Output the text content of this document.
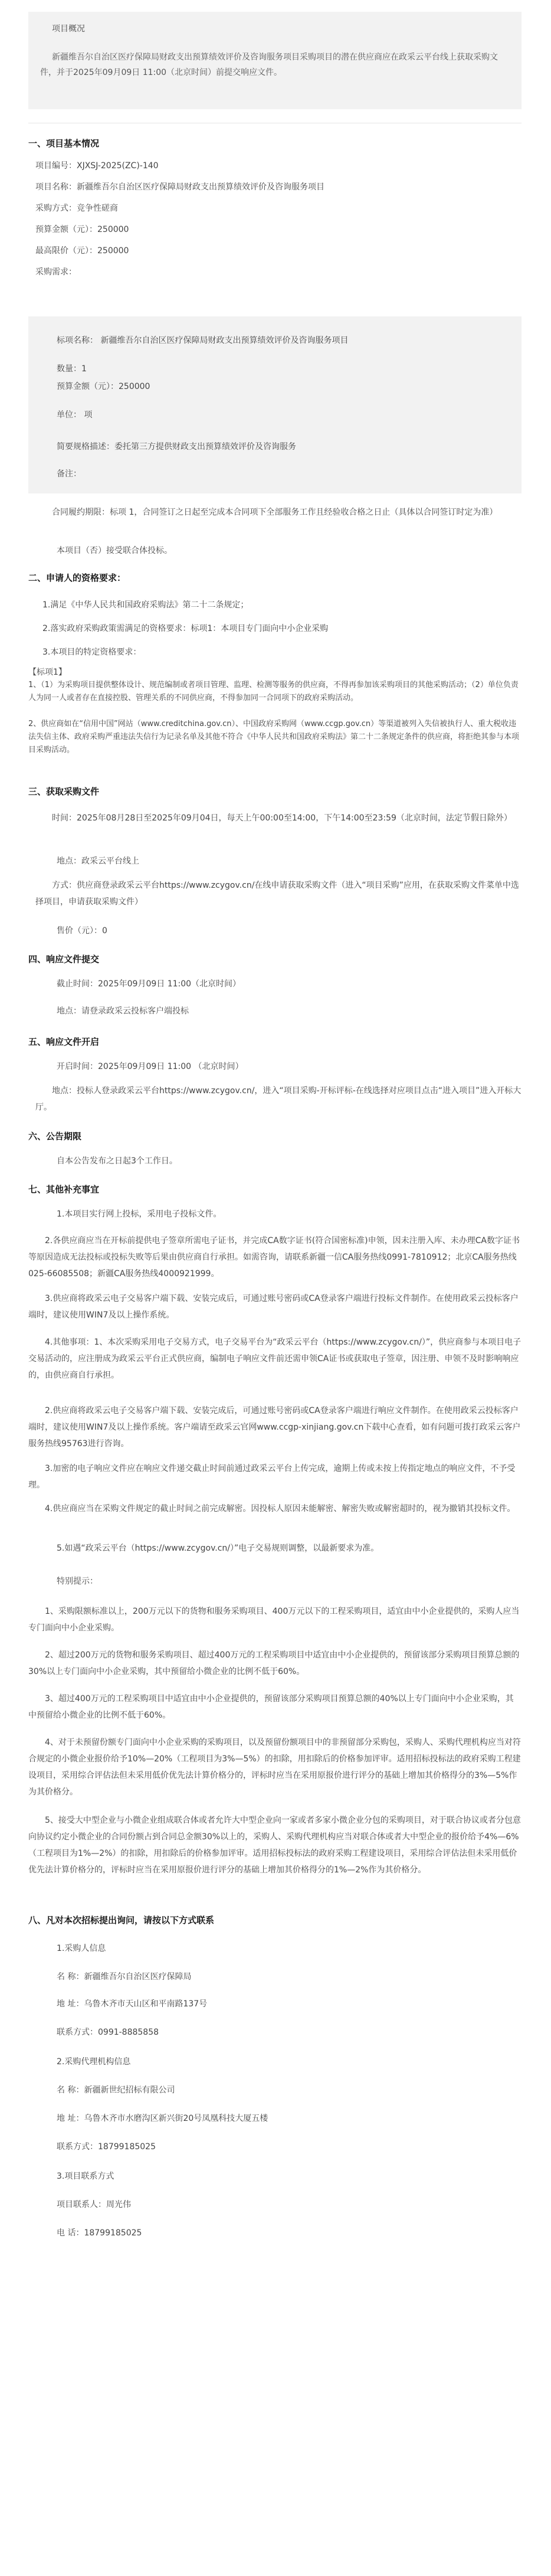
项目概况

新疆维吾尔自治区医疗保障局财政支出预算绩效评价及咨询服务项目采购项目的潜在供应商应在政采云平台线上获取采购文件，并于2025年09月09日 11:00（北京时间）前提交响应文件。

一、项目基本情况

项目编号：XJXSJ-2025(ZC)-140

项目名称：新疆维吾尔自治区医疗保障局财政支出预算绩效评价及咨询服务项目

采购方式：竞争性磋商

预算金额（元）：250000

最高限价（元）：250000

采购需求：

标项名称： 新疆维吾尔自治区医疗保障局财政支出预算绩效评价及咨询服务项目

数量：1

预算金额（元）：250000

单位： 项

简要规格描述：委托第三方提供财政支出预算绩效评价及咨询服务

备注：

合同履约期限：标项 1，合同签订之日起至完成本合同项下全部服务工作且经验收合格之日止（具体以合同签订时定为准）

本项目（否）接受联合体投标。

二、申请人的资格要求：

1.满足《中华人民共和国政府采购法》第二十二条规定；

2.落实政府采购政策需满足的资格要求：标项1：本项目专门面向中小企业采购

3.本项目的特定资格要求：

【标项1】

1、（1）为采购项目提供整体设计、规范编制或者项目管理、监理、检测等服务的供应商，不得再参加该采购项目的其他采购活动；（2）单位负责人为同一人或者存在直接控股、管理关系的不同供应商，不得参加同一合同项下的政府采购活动。

2、供应商如在“信用中国”网站（www.creditchina.gov.cn）、中国政府采购网（www.ccgp.gov.cn）等渠道被列入失信被执行人、重大税收违法失信主体、政府采购严重违法失信行为记录名单及其他不符合《中华人民共和国政府采购法》第二十二条规定条件的供应商，将拒绝其参与本项目采购活动。

三、获取采购文件

时间：2025年08月28日至2025年09月04日，每天上午00:00至14:00，下午14:00至23:59（北京时间，法定节假日除外）

地点：政采云平台线上

方式：供应商登录政采云平台https://www.zcygov.cn/在线申请获取采购文件（进入“项目采购”应用，在获取采购文件菜单中选择项目，申请获取采购文件）

售价（元）：0

四、响应文件提交

截止时间：2025年09月09日 11:00（北京时间）

地点：请登录政采云投标客户端投标

五、响应文件开启

开启时间：2025年09月09日 11:00 （北京时间）

地点：投标人登录政采云平台https://www.zcygov.cn/，进入“项目采购-开标评标-在线选择对应项目点击“进入项目”进入开标大厅。

六、公告期限

自本公告发布之日起3个工作日。

七、其他补充事宜

1.本项目实行网上投标，采用电子投标文件。

2.各供应商应当在开标前提供电子签章所需电子证书，并完成CA数字证书(符合国密标准)申领，因未注册入库、未办理CA数字证书等原因造成无法投标或投标失败等后果由供应商自行承担。如需咨询，请联系新疆一信CA服务热线0991-7810912；北京CA服务热线025-66085508；新疆CA服务热线4000921999。

3.供应商将政采云电子交易客户端下载、安装完成后，可通过账号密码或CA登录客户端进行投标文件制作。在使用政采云投标客户端时，建议使用WIN7及以上操作系统。

4.其他事项：1、本次采购采用电子交易方式，电子交易平台为“政采云平台（https://www.zcygov.cn/）”，供应商参与本项目电子交易活动的，应注册成为政采云平台正式供应商，编制电子响应文件前还需申领CA证书或获取电子签章，因注册、申领不及时影响响应的，由供应商自行承担。

2.供应商将政采云电子交易客户端下载、安装完成后，可通过账号密码或CA登录客户端进行响应文件制作。在使用政采云投标客户端时，建议使用WIN7及以上操作系统。客户端请至政采云官网www.ccgp-xinjiang.gov.cn下载中心查看，如有问题可拨打政采云客户服务热线95763进行咨询。

3.加密的电子响应文件应在响应文件递交截止时间前通过政采云平台上传完成，逾期上传或未按上传指定地点的响应文件，不予受理。

4.供应商应当在采购文件规定的截止时间之前完成解密。因投标人原因未能解密、解密失败或解密超时的，视为撤销其投标文件。

5.如遇“政采云平台（https://www.zcygov.cn/）”电子交易规则调整，以最新要求为准。

特别提示：

1、采购限额标准以上，200万元以下的货物和服务采购项目、400万元以下的工程采购项目，适宜由中小企业提供的，采购人应当专门面向中小企业采购。

2、超过200万元的货物和服务采购项目、超过400万元的工程采购项目中适宜由中小企业提供的，预留该部分采购项目预算总额的30%以上专门面向中小企业采购，其中预留给小微企业的比例不低于60%。

3、超过400万元的工程采购项目中适宜由中小企业提供的，预留该部分采购项目预算总额的40%以上专门面向中小企业采购，其中预留给小微企业的比例不低于60%。

4、对于未预留份额专门面向中小企业采购的采购项目，以及预留份额项目中的非预留部分采购包，采购人、采购代理机构应当对符合规定的小微企业报价给予10%—20%（工程项目为3%—5%）的扣除，用扣除后的价格参加评审。适用招标投标法的政府采购工程建设项目，采用综合评估法但未采用低价优先法计算价格分的，评标时应当在采用原报价进行评分的基础上增加其价格得分的3%—5%作为其价格分。

5、接受大中型企业与小微企业组成联合体或者允许大中型企业向一家或者多家小微企业分包的采购项目，对于联合协议或者分包意向协议约定小微企业的合同份额占到合同总金额30%以上的，采购人、采购代理机构应当对联合体或者大中型企业的报价给予4%—6%（工程项目为1%—2%）的扣除，用扣除后的价格参加评审。适用招标投标法的政府采购工程建设项目，采用综合评估法但未采用低价优先法计算价格分的，评标时应当在采用原报价进行评分的基础上增加其价格得分的1%—2%作为其价格分。

八、凡对本次招标提出询问，请按以下方式联系

1.采购人信息

名 称：新疆维吾尔自治区医疗保障局

地 址：乌鲁木齐市天山区和平南路137号

联系方式：0991-8885858

2.采购代理机构信息

名 称：新疆新世纪招标有限公司

地 址：乌鲁木齐市水磨沟区新兴街20号凤凰科技大厦五楼

联系方式：18799185025

3.项目联系方式

项目联系人：周光伟

电 话：18799185025
